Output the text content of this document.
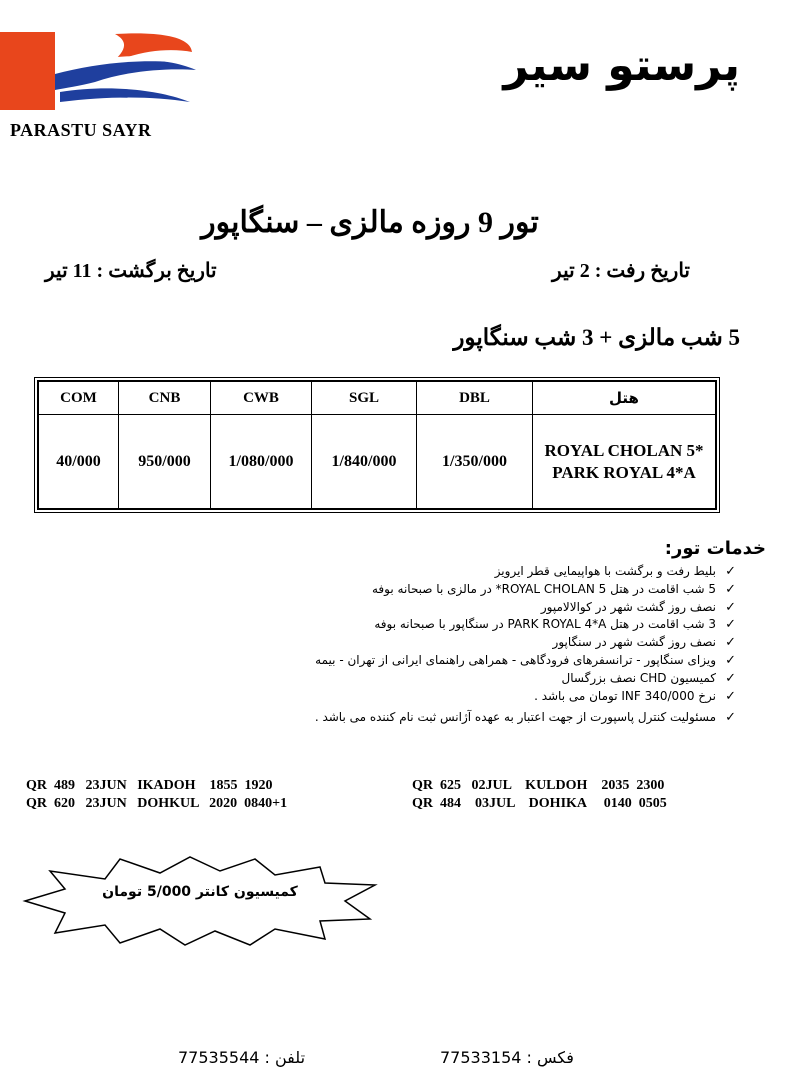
PARASTU SAYR
پرستو سیر
تور 9 روزه مالزی – سنگاپور
تاریخ رفت : 2 تیر
تاریخ برگشت : 11 تیر
5 شب مالزی + 3 شب سنگاپور
COM	CNB	CWB	SGL	DBL	هتل
40/000	950/000	1/080/000	1/840/000	1/350/000	ROYAL CHOLAN 5*
PARK ROYAL 4*A
خدمات تور:
✓
بلیط رفت و برگشت با هواپیمایی قطر ایرویز
✓
5 شب اقامت در هتل ROYAL CHOLAN 5* در مالزی با صبحانه بوفه
✓
نصف روز گشت شهر در کوالالامپور
✓
3 شب اقامت در هتل PARK ROYAL 4*A در سنگاپور با صبحانه بوفه
✓
نصف روز گشت شهر در سنگاپور
✓
ویزای سنگاپور - ترانسفرهای فرودگاهی - همراهی راهنمای ایرانی از تهران - بیمه
✓
کمیسیون CHD نصف بزرگسال
✓
نرخ INF 340/000 تومان می باشد .
✓
مسئولیت کنترل پاسپورت از جهت اعتبار به عهده آژانس ثبت نام کننده می باشد .
QR  489   23JUN   IKADOH    1855  1920
QR  620   23JUN   DOHKUL   2020  0840+1
QR  625   02JUL    KULDOH    2035  2300
QR  484    03JUL    DOHIKA     0140  0505
کمیسیون کانتر 5/000 تومان
77533154 : فکس
77535544 : تلفن
